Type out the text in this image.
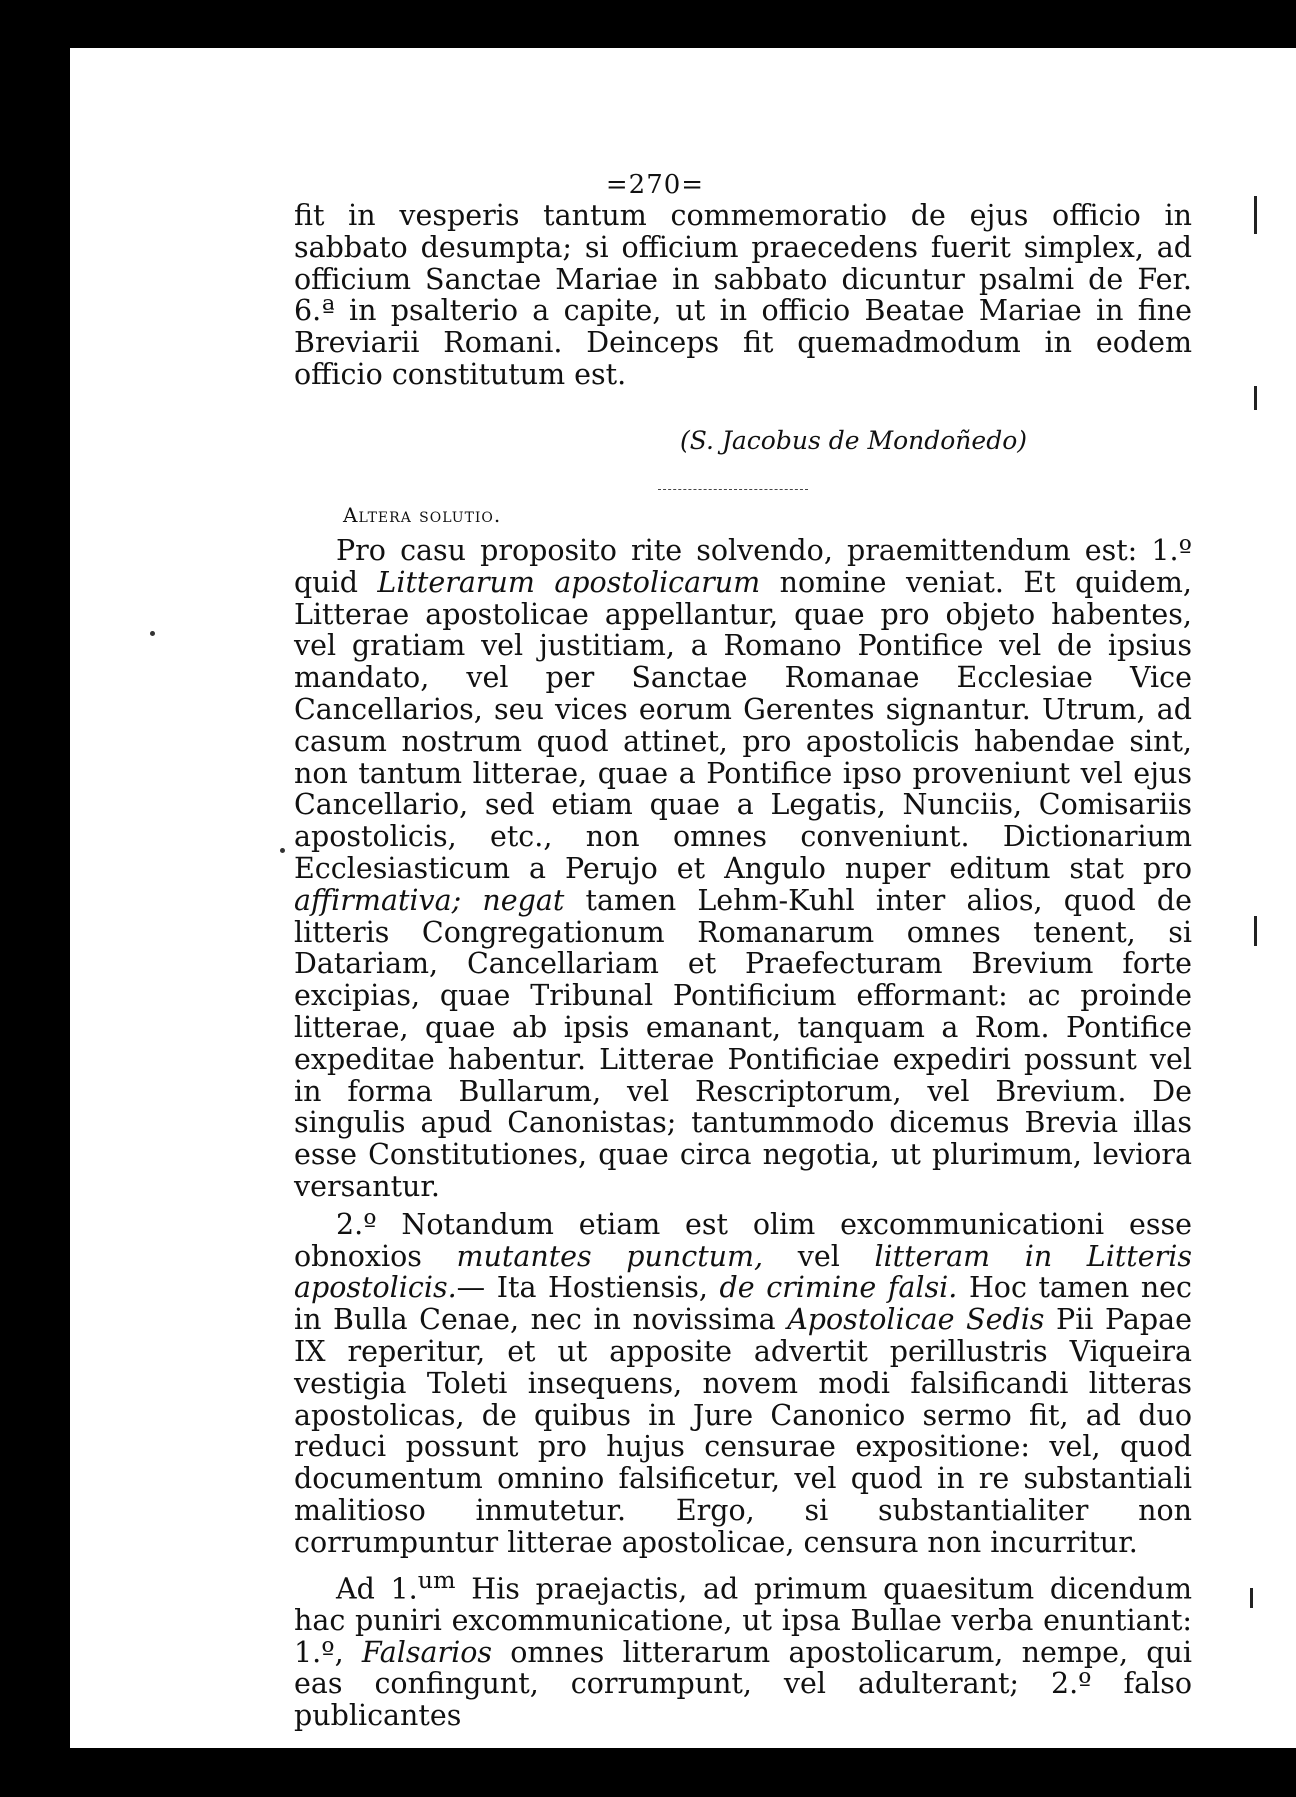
=270=

fit in vesperis tantum commemoratio de ejus officio in sabbato desumpta; si officium praecedens fuerit simplex, ad officium Sanctae Mariae in sabbato dicuntur psalmi de Fer. 6.ª in psalterio a capite, ut in officio Beatae Mariae in fine Breviarii Romani. Deinceps fit quemadmodum in eodem officio constitutum est.

(S. Jacobus de Mondoñedo)
Altera solutio.

Pro casu proposito rite solvendo, praemittendum est: 1.º quid Litterarum apostolicarum nomine veniat. Et quidem, Litterae apostolicae appellantur, quae pro objeto habentes, vel gratiam vel justitiam, a Romano Pontifice vel de ipsius mandato, vel per Sanctae Romanae Ecclesiae Vice Cancellarios, seu vices eorum Gerentes signantur. Utrum, ad casum nostrum quod attinet, pro apostolicis habendae sint, non tantum litterae, quae a Pontifice ipso proveniunt vel ejus Cancellario, sed etiam quae a Legatis, Nunciis, Comisariis apostolicis, etc., non omnes conveniunt. Dictionarium Ecclesiasticum a Perujo et Angulo nuper editum stat pro affirmativa; negat tamen Lehm-Kuhl inter alios, quod de litteris Congregationum Romanarum omnes tenent, si Datariam, Cancellariam et Praefecturam Brevium forte excipias, quae Tribunal Pontificium efformant: ac proinde litterae, quae ab ipsis emanant, tanquam a Rom. Pontifice expeditae habentur. Litterae Pontificiae expediri possunt vel in forma Bullarum, vel Rescriptorum, vel Brevium. De singulis apud Canonistas; tantummodo dicemus Brevia illas esse Constitutiones, quae circa negotia, ut plurimum, leviora versantur.

2.º Notandum etiam est olim excommunicationi esse obnoxios mutantes punctum, vel litteram in Litteris apostolicis.— Ita Hostiensis, de crimine falsi. Hoc tamen nec in Bulla Cenae, nec in novissima Apostolicae Sedis Pii Papae IX reperitur, et ut apposite advertit perillustris Viqueira vestigia Toleti insequens, novem modi falsificandi litteras apostolicas, de quibus in Jure Canonico sermo fit, ad duo reduci possunt pro hujus censurae expositione: vel, quod documentum omnino falsificetur, vel quod in re substantiali malitioso inmutetur. Ergo, si substantialiter non corrumpuntur litterae apostolicae, censura non incurritur.

Ad 1.$^{um}$ His praejactis, ad primum quaesitum dicendum hac puniri excommunicatione, ut ipsa Bullae verba enuntiant: 1.º, Falsarios omnes litterarum apostolicarum, nempe, qui eas confingunt, corrumpunt, vel adulterant; 2.º falso publicantes
